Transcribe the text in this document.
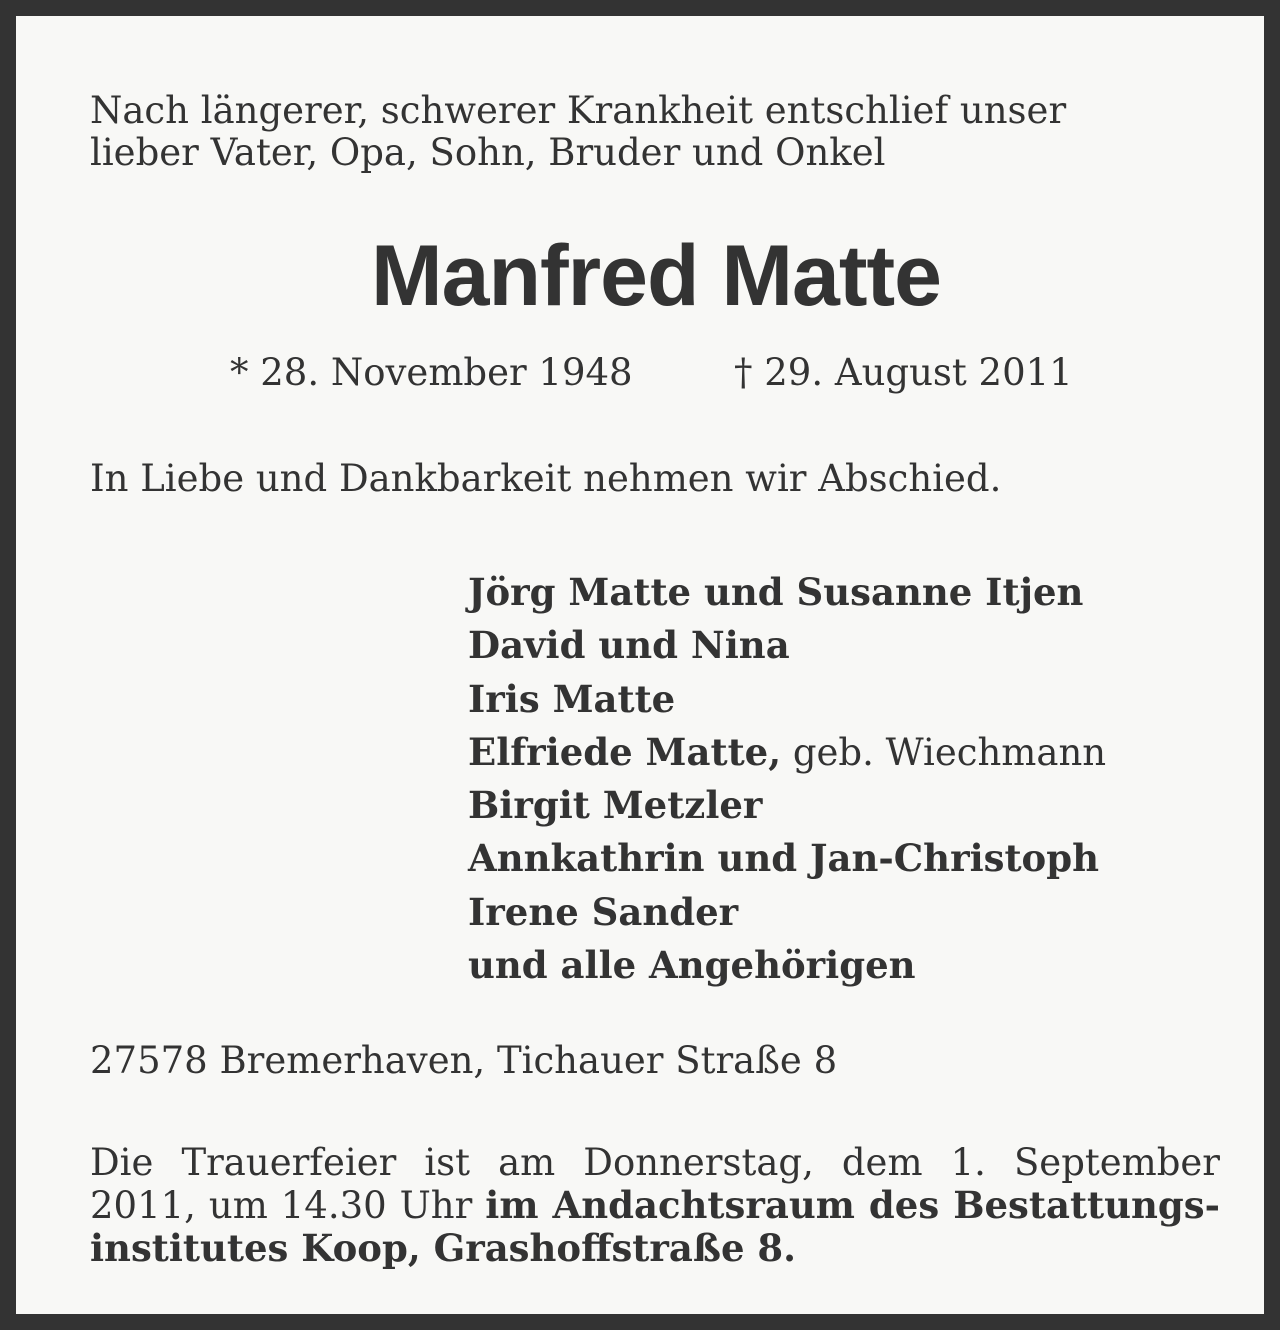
Nach längerer, schwerer Krankheit entschlief unser
lieber Vater, Opa, Sohn, Bruder und Onkel
Manfred Matte
* 28. November 1948	† 29. August 2011
In Liebe und Dankbarkeit nehmen wir Abschied.
Jörg Matte und Susanne Itjen
David und Nina
Iris Matte
Elfriede Matte, geb. Wiechmann
Birgit Metzler
Annkathrin und Jan-Christoph
Irene Sander
und alle Angehörigen
27578 Bremerhaven, Tichauer Straße 8
Die Trauerfeier ist am Donnerstag, dem 1. September
2011, um 14.30 Uhr im Andachtsraum des Bestattungs-
institutes Koop, Grashoffstraße 8.
